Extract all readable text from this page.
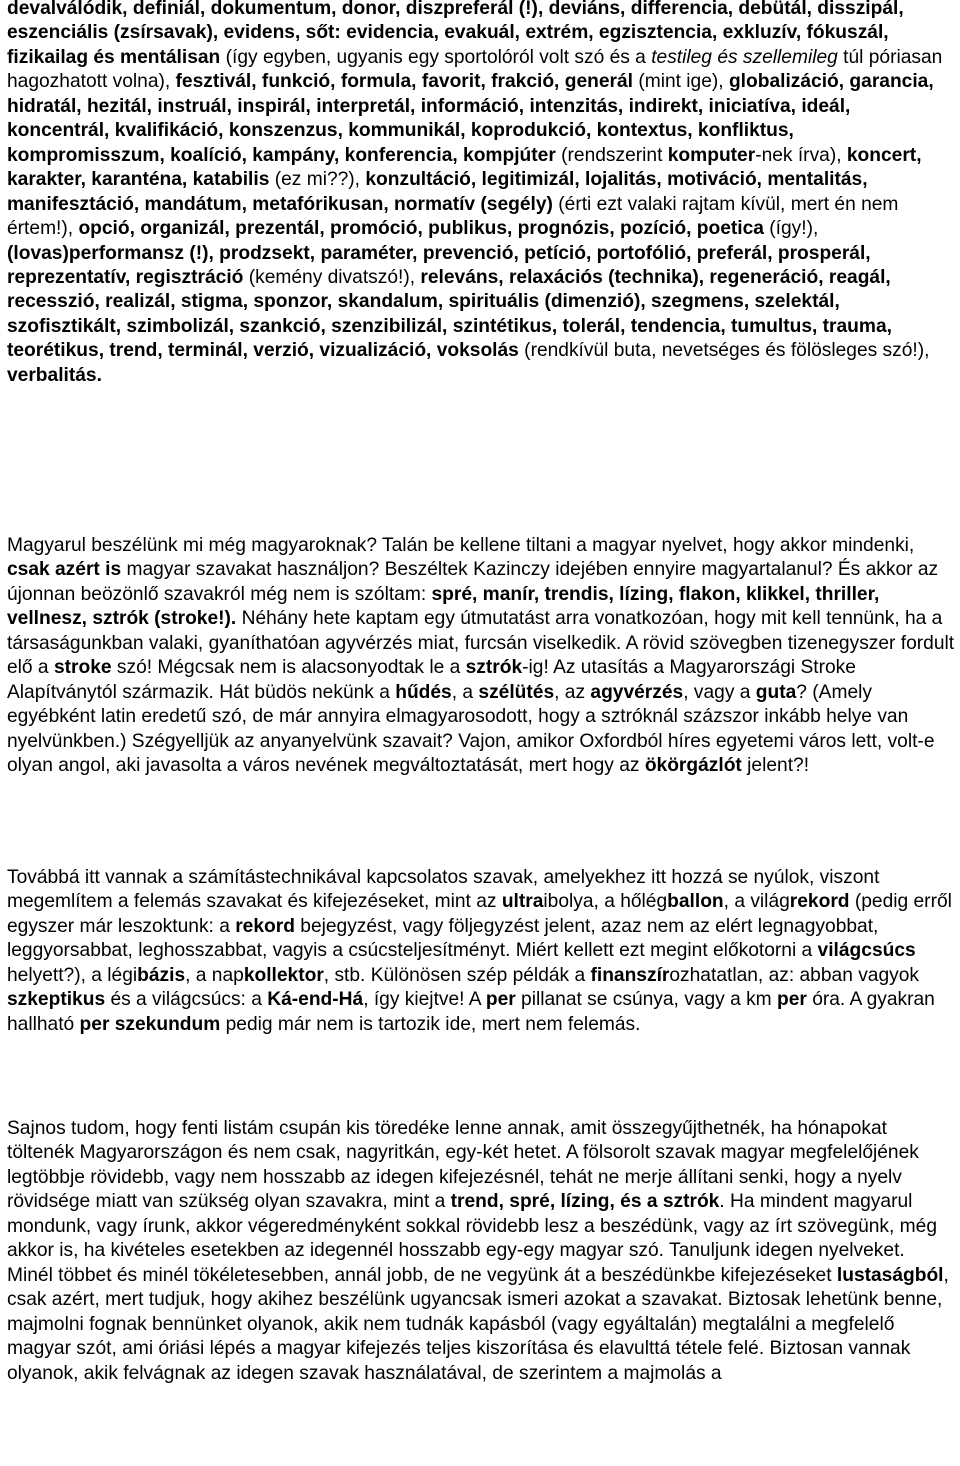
devalválódik, definiál, dokumentum, donor, diszpreferál (!), deviáns, differencia, debütál, disszipál, eszenciális (zsírsavak), evidens, sőt: evidencia, evakuál, extrém, egzisztencia, exkluzív, fókuszál, fizikailag és mentálisan (így egyben, ugyanis egy sportolóról volt szó és a testileg és szellemileg túl póriasan hagozhatott volna), fesztivál, funkció, formula, favorit, frakció, generál (mint ige), globalizáció, garancia, hidratál, hezitál, instruál, inspirál, interpretál, információ, intenzitás, indirekt, iniciatíva, ideál, koncentrál, kvalifikáció, konszenzus, kommunikál, koprodukció, kontextus, konfliktus, kompromisszum, koalíció, kampány, konferencia, kompjúter (rendszerint komputer-nek írva), koncert, karakter, karanténa, katabilis (ez mi??), konzultáció, legitimizál, lojalitás, motiváció, mentalitás, manifesztáció, mandátum, metafórikusan, normatív (segély) (érti ezt valaki rajtam kívül, mert én nem értem!), opció, organizál, prezentál, promóció, publikus, prognózis, pozíció, poetica (így!), (lovas)performansz (!), prodzsekt, paraméter, prevenció, petíció, portofólió, preferál, prosperál, reprezentatív, regisztráció (kemény divatszó!), releváns, relaxációs (technika), regeneráció, reagál, recesszió, realizál, stigma, sponzor, skandalum, spirituális (dimenzió), szegmens, szelektál, szofisztikált, szimbolizál, szankció, szenzibilizál, szintétikus, tolerál, tendencia, tumultus, trauma, teorétikus, trend, terminál, verzió, vizualizáció, voksolás (rendkívül buta, nevetséges és fölösleges szó!), verbalitás.

Magyarul beszélünk mi még magyaroknak? Talán be kellene tiltani a magyar nyelvet, hogy akkor mindenki, csak azért is magyar szavakat használjon? Beszéltek Kazinczy idejében ennyire magyartalanul? És akkor az újonnan beözönlő szavakról még nem is szóltam: spré, manír, trendis, lízing, flakon, klikkel, thriller, vellnesz, sztrók (stroke!). Néhány hete kaptam egy útmutatást arra vonatkozóan, hogy mit kell tennünk, ha a társaságunkban valaki, gyaníthatóan agyvérzés miat, furcsán viselkedik. A rövid szövegben tizenegyszer fordult elő a stroke szó! Mégcsak nem is alacsonyodtak le a sztrók-ig! Az utasítás a Magyarországi Stroke Alapítványtól származik. Hát büdös nekünk a hűdés, a szélütés, az agyvérzés, vagy a guta? (Amely egyébként latin eredetű szó, de már annyira elmagyarosodott, hogy a sztróknál százszor inkább helye van nyelvünkben.) Szégyelljük az anyanyelvünk szavait? Vajon, amikor Oxfordból híres egyetemi város lett, volt-e olyan angol, aki javasolta a város nevének megváltoztatását, mert hogy az ökörgázlót jelent?!

Továbbá itt vannak a számítástechnikával kapcsolatos szavak, amelyekhez itt hozzá se nyúlok, viszont megemlítem a felemás szavakat és kifejezéseket, mint az ultraibolya, a hőlégballon, a világrekord (pedig erről egyszer már leszoktunk: a rekord bejegyzést, vagy följegyzést jelent, azaz nem az elért legnagyobbat, leggyorsabbat, leghosszabbat, vagyis a csúcsteljesítményt. Miért kellett ezt megint előkotorni a világcsúcs helyett?), a légibázis, a napkollektor, stb. Különösen szép példák a finanszírozhatatlan, az: abban vagyok szkeptikus és a világcsúcs: a Ká-end-Há, így kiejtve! A per pillanat se csúnya, vagy a km per óra. A gyakran hallható per szekundum pedig már nem is tartozik ide, mert nem felemás.

Sajnos tudom, hogy fenti listám csupán kis töredéke lenne annak, amit összegyűjthetnék, ha hónapokat töltenék Magyarországon és nem csak, nagyritkán, egy-két hetet. A fölsorolt szavak magyar megfelelőjének legtöbbje rövidebb, vagy nem hosszabb az idegen kifejezésnél, tehát ne merje állítani senki, hogy a nyelv rövidsége miatt van szükség olyan szavakra, mint a trend, spré, lízing, és a sztrók. Ha mindent magyarul mondunk, vagy írunk, akkor végeredményként sokkal rövidebb lesz a beszédünk, vagy az írt szövegünk, még akkor is, ha kivételes esetekben az idegennél hosszabb egy-egy magyar szó. Tanuljunk idegen nyelveket. Minél többet és minél tökéletesebben, annál jobb, de ne vegyünk át a beszédünkbe kifejezéseket lustaságból, csak azért, mert tudjuk, hogy akihez beszélünk ugyancsak ismeri azokat a szavakat. Biztosak lehetünk benne, majmolni fognak bennünket olyanok, akik nem tudnák kapásból (vagy egyáltalán) megtalálni a megfelelő magyar szót, ami óriási lépés a magyar kifejezés teljes kiszorítása és elavulttá tétele felé. Biztosan vannak olyanok, akik felvágnak az idegen szavak használatával, de szerintem a majmolás a
